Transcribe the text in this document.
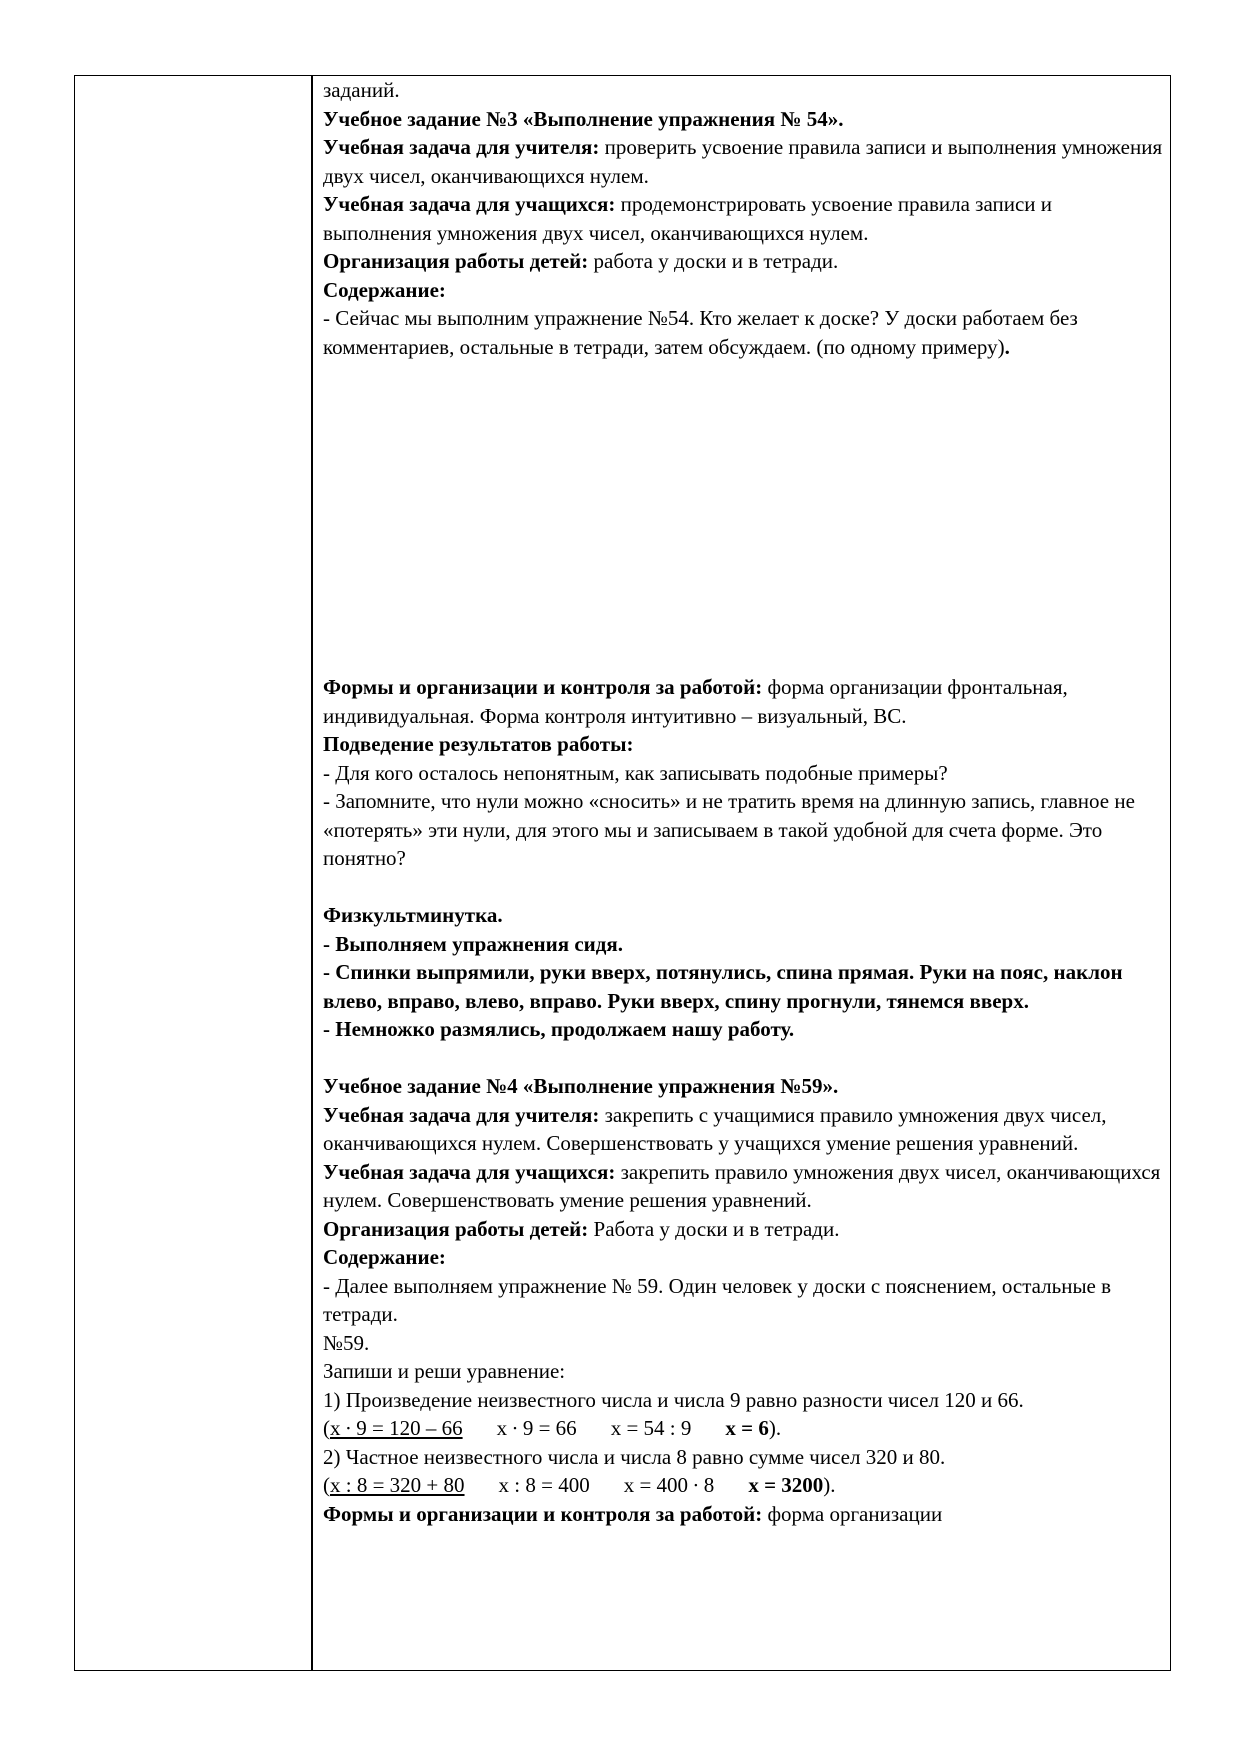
заданий.

Учебное задание №3 «Выполнение упражнения № 54».

Учебная задача для учителя: проверить усвоение правила записи и выполнения умножения двух чисел, оканчивающихся нулем.

Учебная задача для учащихся: продемонстрировать усвоение правила записи и выполнения умножения двух чисел, оканчивающихся нулем.

Организация работы детей: работа у доски и в тетради.

Содержание:

- Сейчас мы выполним упражнение №54. Кто желает к доске? У доски работаем без комментариев, остальные в тетради, затем обсуждаем. (по одному примеру).

Формы и организации и контроля за работой: форма организации фронтальная, индивидуальная. Форма контроля интуитивно – визуальный, ВС.

Подведение результатов работы:

- Для кого осталось непонятным, как записывать подобные примеры?

- Запомните, что нули можно «сносить» и не тратить время на длинную запись, главное не «потерять» эти нули, для этого мы и записываем в такой удобной для счета форме. Это понятно?

Физкультминутка.

- Выполняем упражнения сидя.

- Спинки выпрямили, руки вверх, потянулись, спина прямая. Руки на пояс, наклон влево, вправо, влево, вправо. Руки вверх, спину прогнули, тянемся вверх.

- Немножко размялись, продолжаем нашу работу.

Учебное задание №4 «Выполнение упражнения №59».

Учебная задача для учителя: закрепить с учащимися правило умножения двух чисел, оканчивающихся нулем. Совершенствовать у учащихся умение решения уравнений.

Учебная задача для учащихся: закрепить правило умножения двух чисел, оканчивающихся нулем. Совершенствовать умение решения уравнений.

Организация работы детей: Работа у доски и в тетради.

Содержание:

- Далее выполняем упражнение № 59. Один человек у доски с пояснением, остальные в тетради.

№59.

Запиши и реши уравнение:

1) Произведение неизвестного числа и числа 9 равно разности чисел 120 и 66.

(х ∙ 9 = 120 – 66 х ∙ 9 = 66 х = 54 : 9 х = 6).

2) Частное неизвестного числа и числа 8 равно сумме чисел 320 и 80.

(х : 8 = 320 + 80 х : 8 = 400 х = 400 ∙ 8 х = 3200).

Формы и организации и контроля за работой: форма организации
